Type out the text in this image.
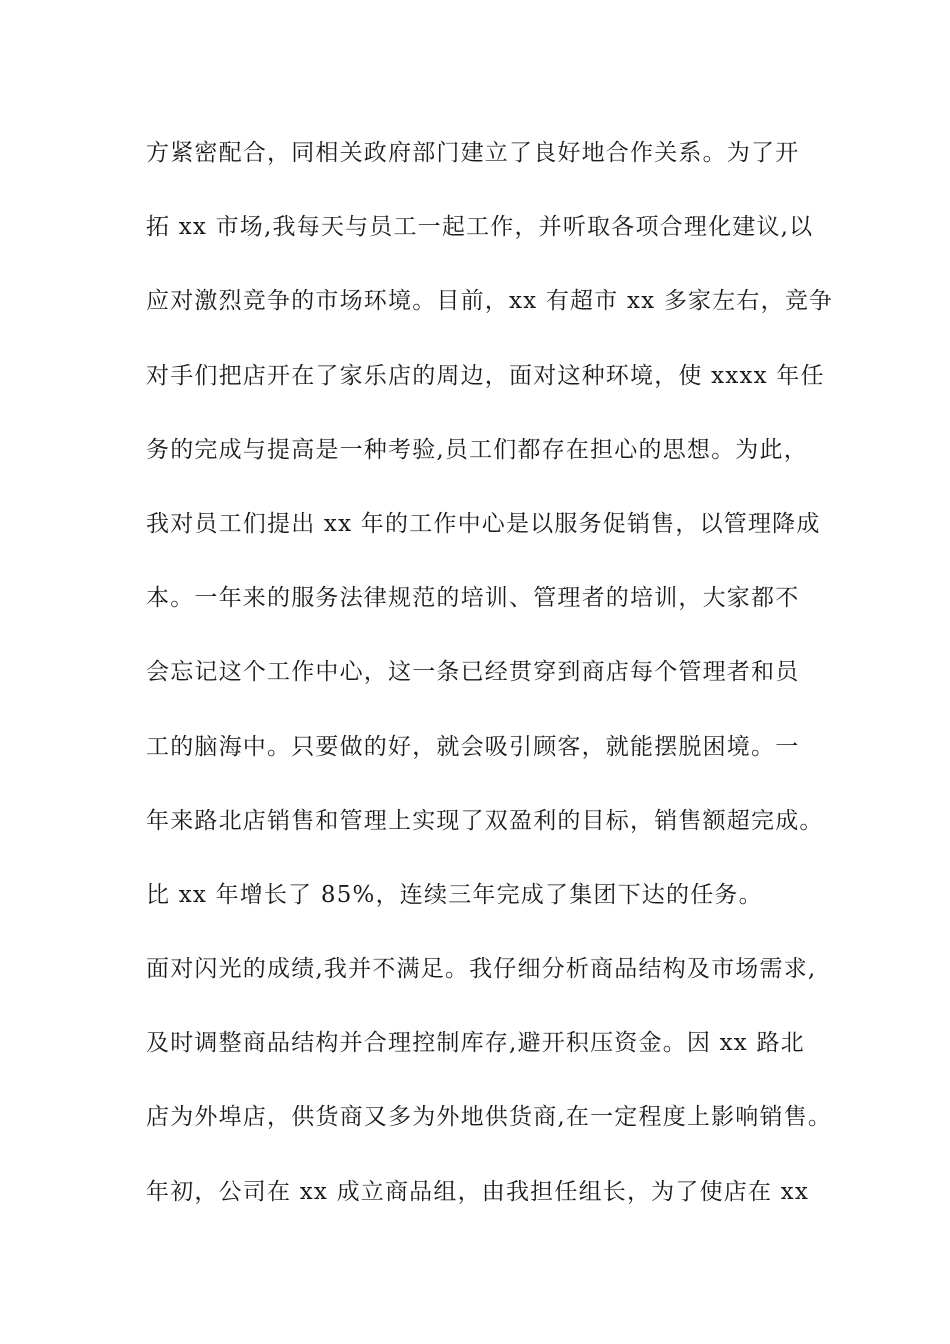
方紧密配合，同相关政府部门建立了良好地合作关系。为了开
拓 xx 市场,我每天与员工一起工作，并听取各项合理化建议,以
应对激烈竞争的市场环境。目前，xx 有超市 xx 多家左右，竞争
对手们把店开在了家乐店的周边，面对这种环境，使 xxxx 年任
务的完成与提高是一种考验,员工们都存在担心的思想。为此，
我对员工们提出 xx 年的工作中心是以服务促销售，以管理降成
本。一年来的服务法律规范的培训、管理者的培训，大家都不
会忘记这个工作中心，这一条已经贯穿到商店每个管理者和员
工的脑海中。只要做的好，就会吸引顾客，就能摆脱困境。一
年来路北店销售和管理上实现了双盈利的目标，销售额超完成。
比 xx 年增长了 85%，连续三年完成了集团下达的任务。
面对闪光的成绩,我并不满足。我仔细分析商品结构及市场需求,
及时调整商品结构并合理控制库存,避开积压资金。因 xx 路北
店为外埠店，供货商又多为外地供货商,在一定程度上影响销售。
年初，公司在 xx 成立商品组，由我担任组长，为了使店在 xx
